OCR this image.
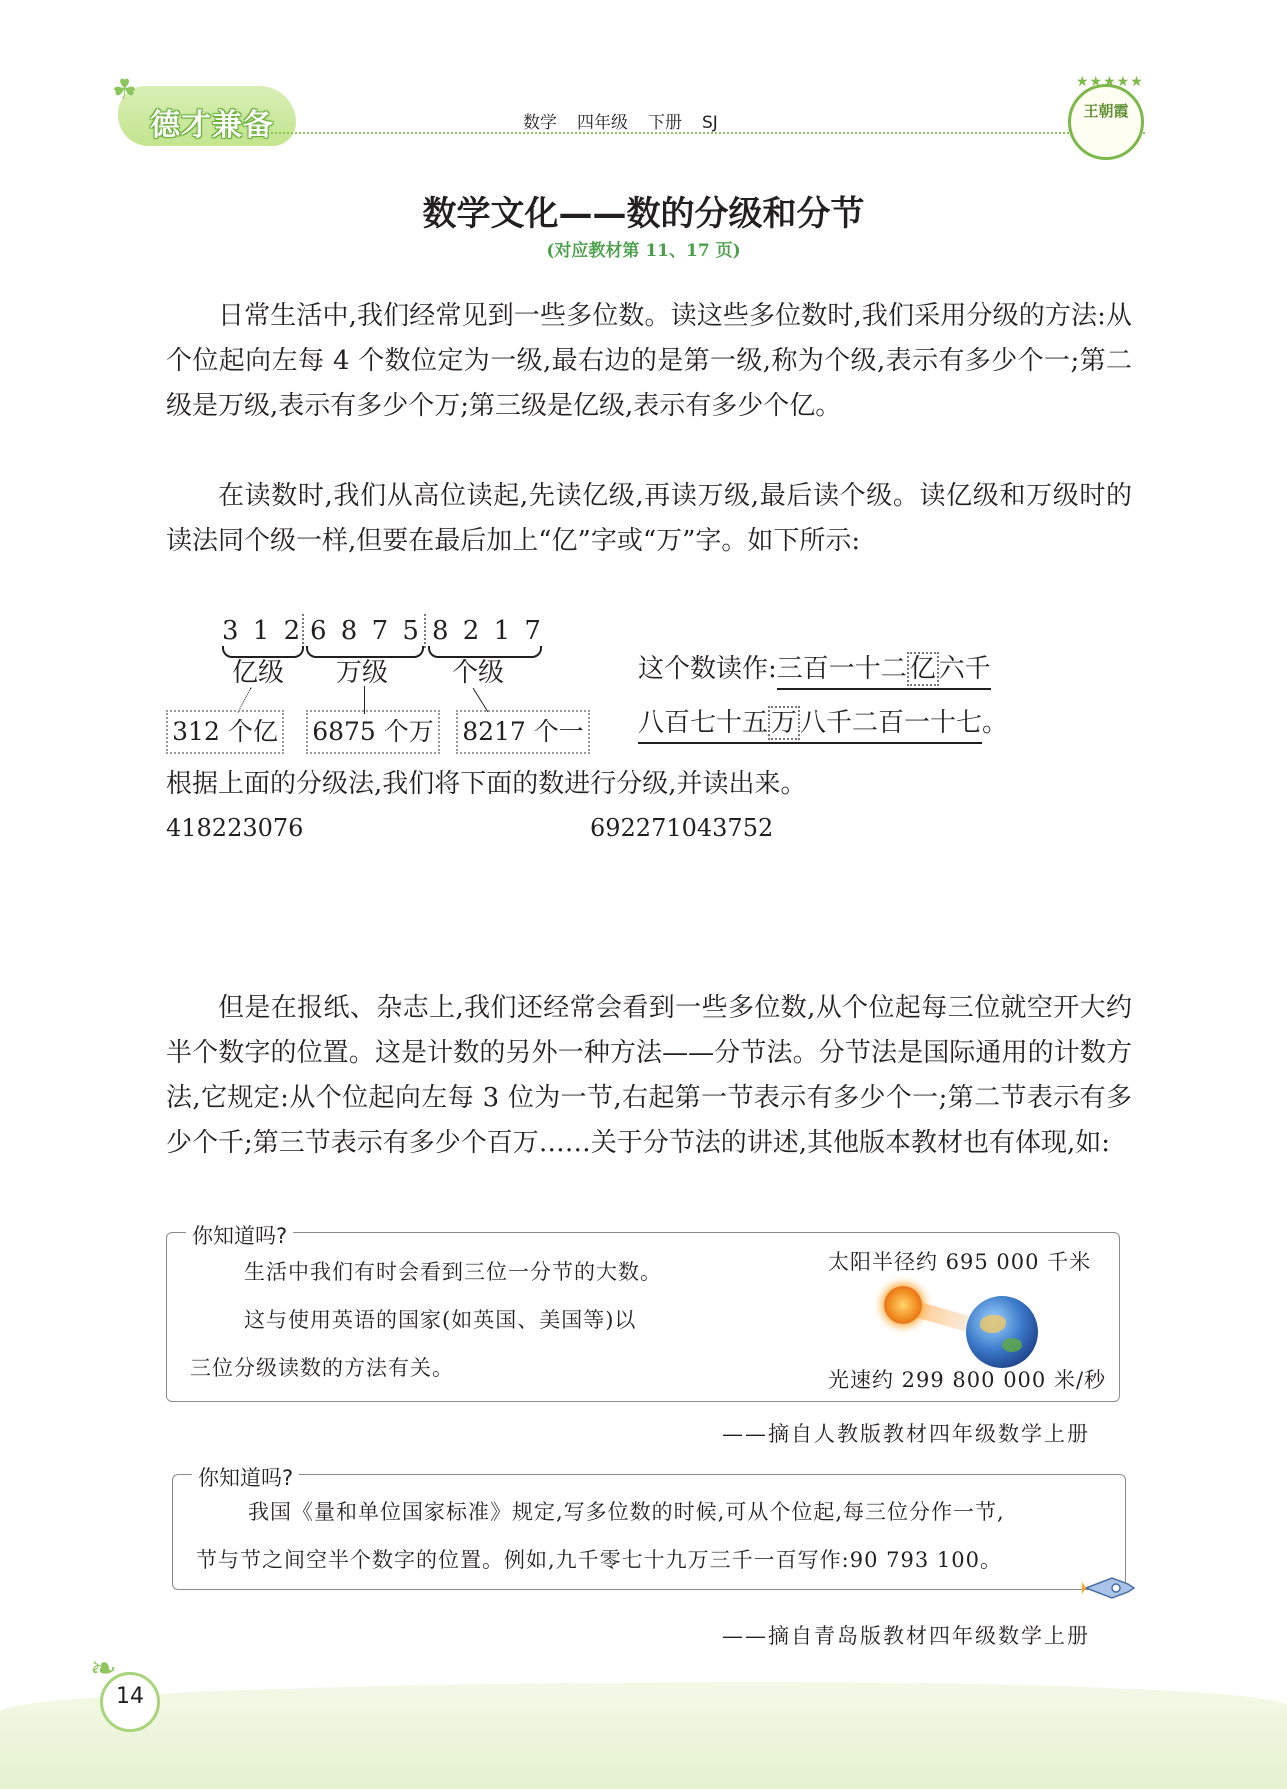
☘
德才兼备	数学 四年级 下册 SJ
★★★★★
王朝霞
数学文化——数的分级和分节
(对应教材第 11、17 页)

日常生活中,我们经常见到一些多位数。读这些多位数时,我们采用分级的方法:从个位起向左每 4 个数位定为一级,最右边的是第一级,称为个级,表示有多少个一;第二级是万级,表示有多少个万;第三级是亿级,表示有多少个亿。

在读数时,我们从高位读起,先读亿级,再读万级,最后读个级。读亿级和万级时的读法同个级一样,但要在最后加上“亿”字或“万”字。如下所示:

3 1 2 6 8 7 5 8 2 1 7
亿级 万级 个级
312 个亿 6875 个万 8217 个一
这个数读作:三百一十二 亿 六千
八百七十五 万 八千二百一十七。
根据上面的分级法,我们将下面的数进行分级,并读出来。
418223076	692271043752

但是在报纸、杂志上,我们还经常会看到一些多位数,从个位起每三位就空开大约半个数字的位置。这是计数的另外一种方法——分节法。分节法是国际通用的计数方法,它规定:从个位起向左每 3 位为一节,右起第一节表示有多少个一;第二节表示有多少个千;第三节表示有多少个百万……关于分节法的讲述,其他版本教材也有体现,如:

你知道吗?
生活中我们有时会看到三位一分节的大数。
这与使用英语的国家(如英国、美国等)以
三位分级读数的方法有关。
太阳半径约 695 000 千米
光速约 299 800 000 米/秒
——摘自人教版教材四年级数学上册
你知道吗?
我国《量和单位国家标准》规定,写多位数的时候,可从个位起,每三位分作一节,
节与节之间空半个数字的位置。例如,九千零七十九万三千一百写作:90 793 100。
——摘自青岛版教材四年级数学上册
❧
14
